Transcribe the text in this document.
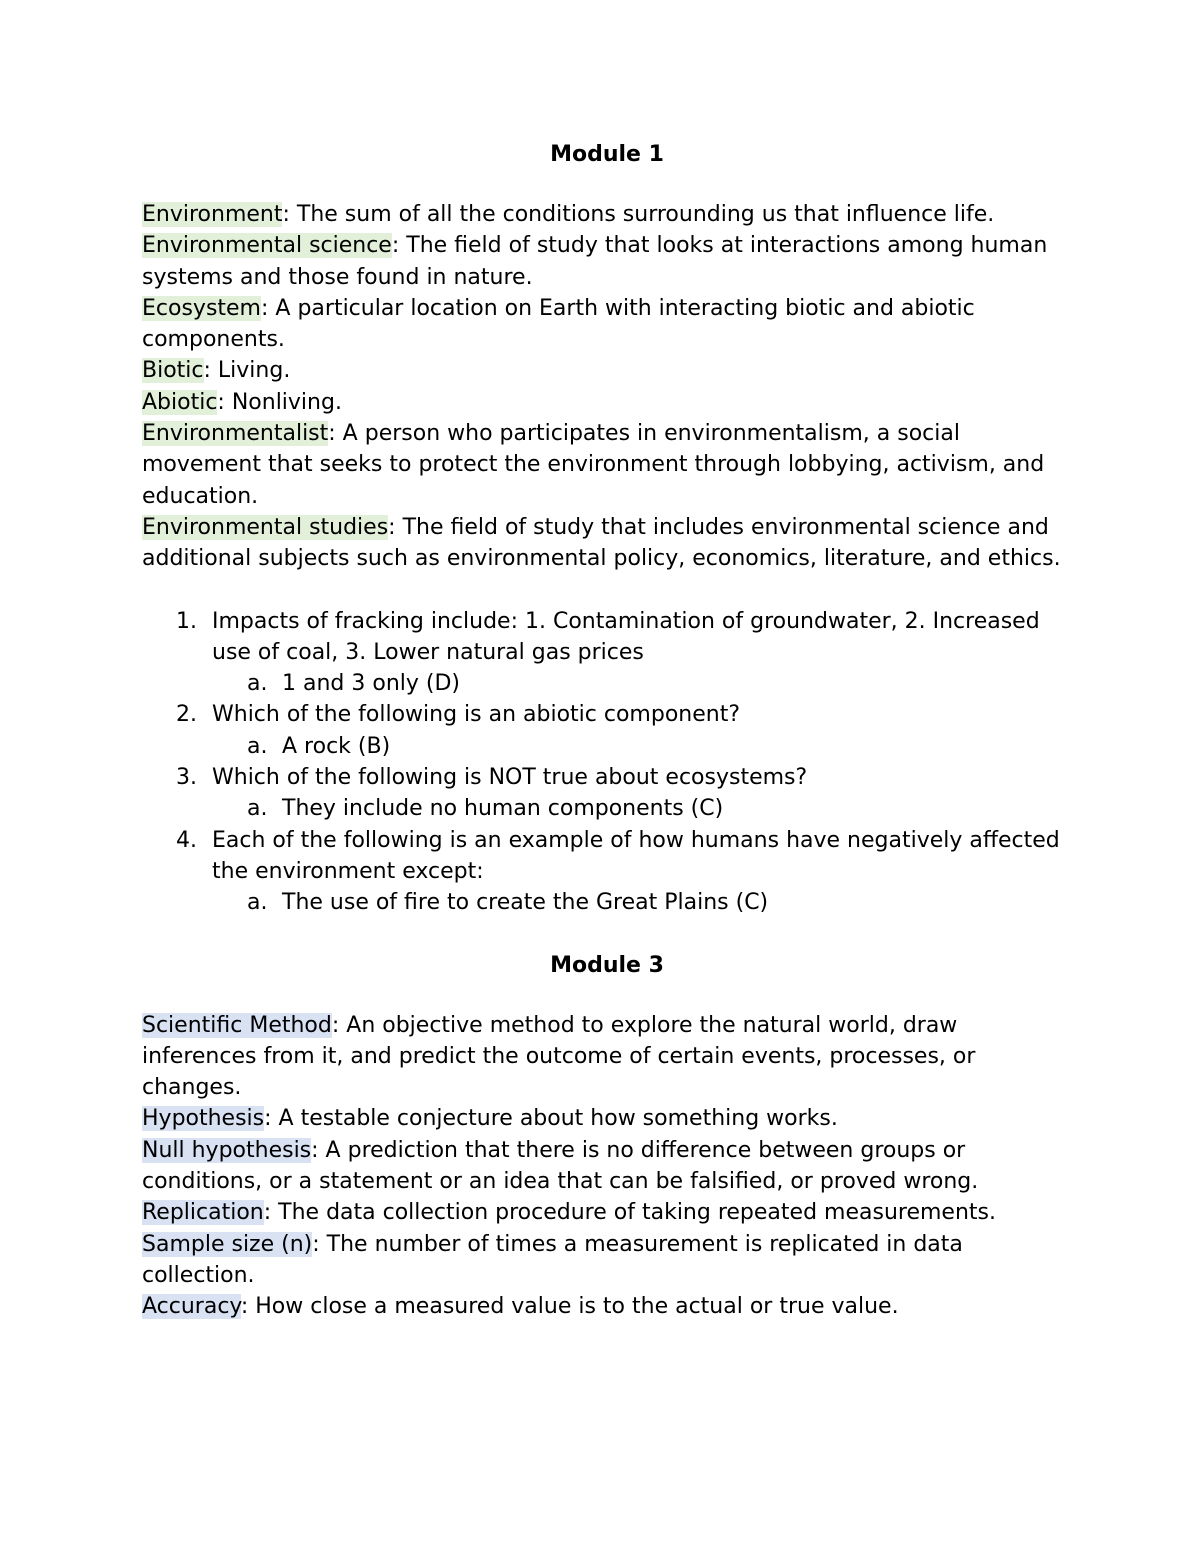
Module 1

Environment: The sum of all the conditions surrounding us that influence life.

Environmental science: The field of study that looks at interactions among human systems and those found in nature.

Ecosystem: A particular location on Earth with interacting biotic and abiotic components.

Biotic: Living.

Abiotic: Nonliving.

Environmentalist: A person who participates in environmentalism, a social movement that seeks to protect the environment through lobbying, activism, and education.

Environmental studies: The field of study that includes environmental science and additional subjects such as environmental policy, economics, literature, and ethics.

1. Impacts of fracking include: 1. Contamination of groundwater, 2. Increased use of coal, 3. Lower natural gas prices
a. 1 and 3 only (D)
2. Which of the following is an abiotic component?
a. A rock (B)
3. Which of the following is NOT true about ecosystems?
a. They include no human components (C)
4. Each of the following is an example of how humans have negatively affected the environment except:
a. The use of fire to create the Great Plains (C)
Module 3

Scientific Method: An objective method to explore the natural world, draw inferences from it, and predict the outcome of certain events, processes, or changes.

Hypothesis: A testable conjecture about how something works.

Null hypothesis: A prediction that there is no difference between groups or conditions, or a statement or an idea that can be falsified, or proved wrong.

Replication: The data collection procedure of taking repeated measurements.

Sample size (n): The number of times a measurement is replicated in data collection.

Accuracy: How close a measured value is to the actual or true value.
